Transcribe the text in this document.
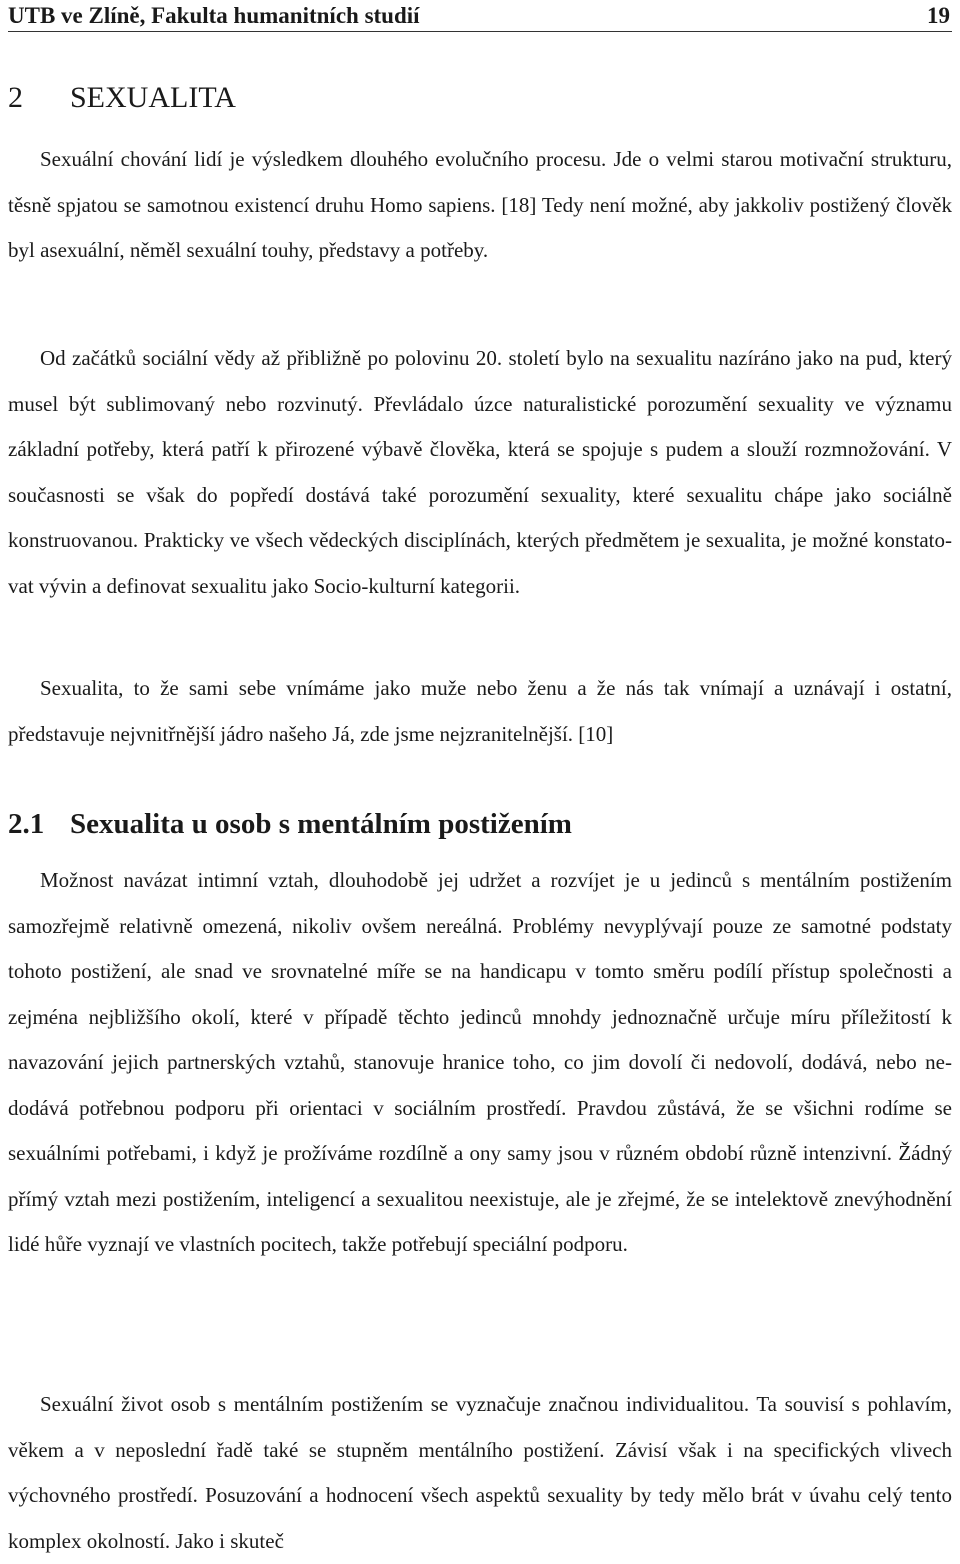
UTB ve Zlíně, Fakulta humanitních studií	19
2 SEXUALITA

Sexuální chování lidí je výsledkem dlouhého evolučního procesu. Jde o velmi starou motivační strukturu, těsně spjatou se samotnou existencí druhu Homo sapiens. [18] Tedy není možné, aby jakkoliv postižený člověk byl asexuální, něměl sexuální touhy, představy a potřeby.

Od začátků sociální vědy až přibližně po polovinu 20. století bylo na sexualitu nazíráno jako na pud, který musel být sublimovaný nebo rozvinutý. Převládalo úzce naturalistické porozumění sexuality ve významu základní potřeby, která patří k přirozené výbavě člověka, která se spojuje s pudem a slouží rozmnožování. V současnosti se však do popředí dostává také porozumění sexuality, které sexualitu chápe jako sociálně konstruovanou. Prakticky ve všech vědeckých disciplínách, kterých předmětem je sexualita, je možné konstatovat vývin a definovat sexualitu jako Socio-kulturní kategorii.

Sexualita, to že sami sebe vnímáme jako muže nebo ženu a že nás tak vnímají a uznávají i ostatní, představuje nejvnitřnější jádro našeho Já, zde jsme nejzranitelnější. [10]

2.1 Sexualita u osob s mentálním postižením

Možnost navázat intimní vztah, dlouhodobě jej udržet a rozvíjet je u jedinců s mentálním postižením samozřejmě relativně omezená, nikoliv ovšem nereálná. Problémy nevyplývají pouze ze samotné podstaty tohoto postižení, ale snad ve srovnatelné míře se na handicapu v tomto směru podílí přístup společnosti a zejména nejbližšího okolí, které v případě těchto jedinců mnohdy jednoznačně určuje míru příležitostí k navazování jejich partnerských vztahů, stanovuje hranice toho, co jim dovolí či nedovolí, dodává, nebo nedodává potřebnou podporu při orientaci v sociálním prostředí. Pravdou zůstává, že se všichni rodíme se sexuálními potřebami, i když je prožíváme rozdílně a ony samy jsou v různém období různě intenzivní. Žádný přímý vztah mezi postižením, inteligencí a sexualitou neexistuje, ale je zřejmé, že se intelektově znevýhodnění lidé hůře vyznají ve vlastních pocitech, takže potřebují speciální podporu.

Sexuální život osob s mentálním postižením se vyznačuje značnou individualitou. Ta souvisí s pohlavím, věkem a v neposlední řadě také se stupněm mentálního postižení. Závisí však i na specifických vlivech výchovného prostředí. Posuzování a hodnocení všech aspektů sexuality by tedy mělo brát v úvahu celý tento komplex okolností. Jako i skuteč
